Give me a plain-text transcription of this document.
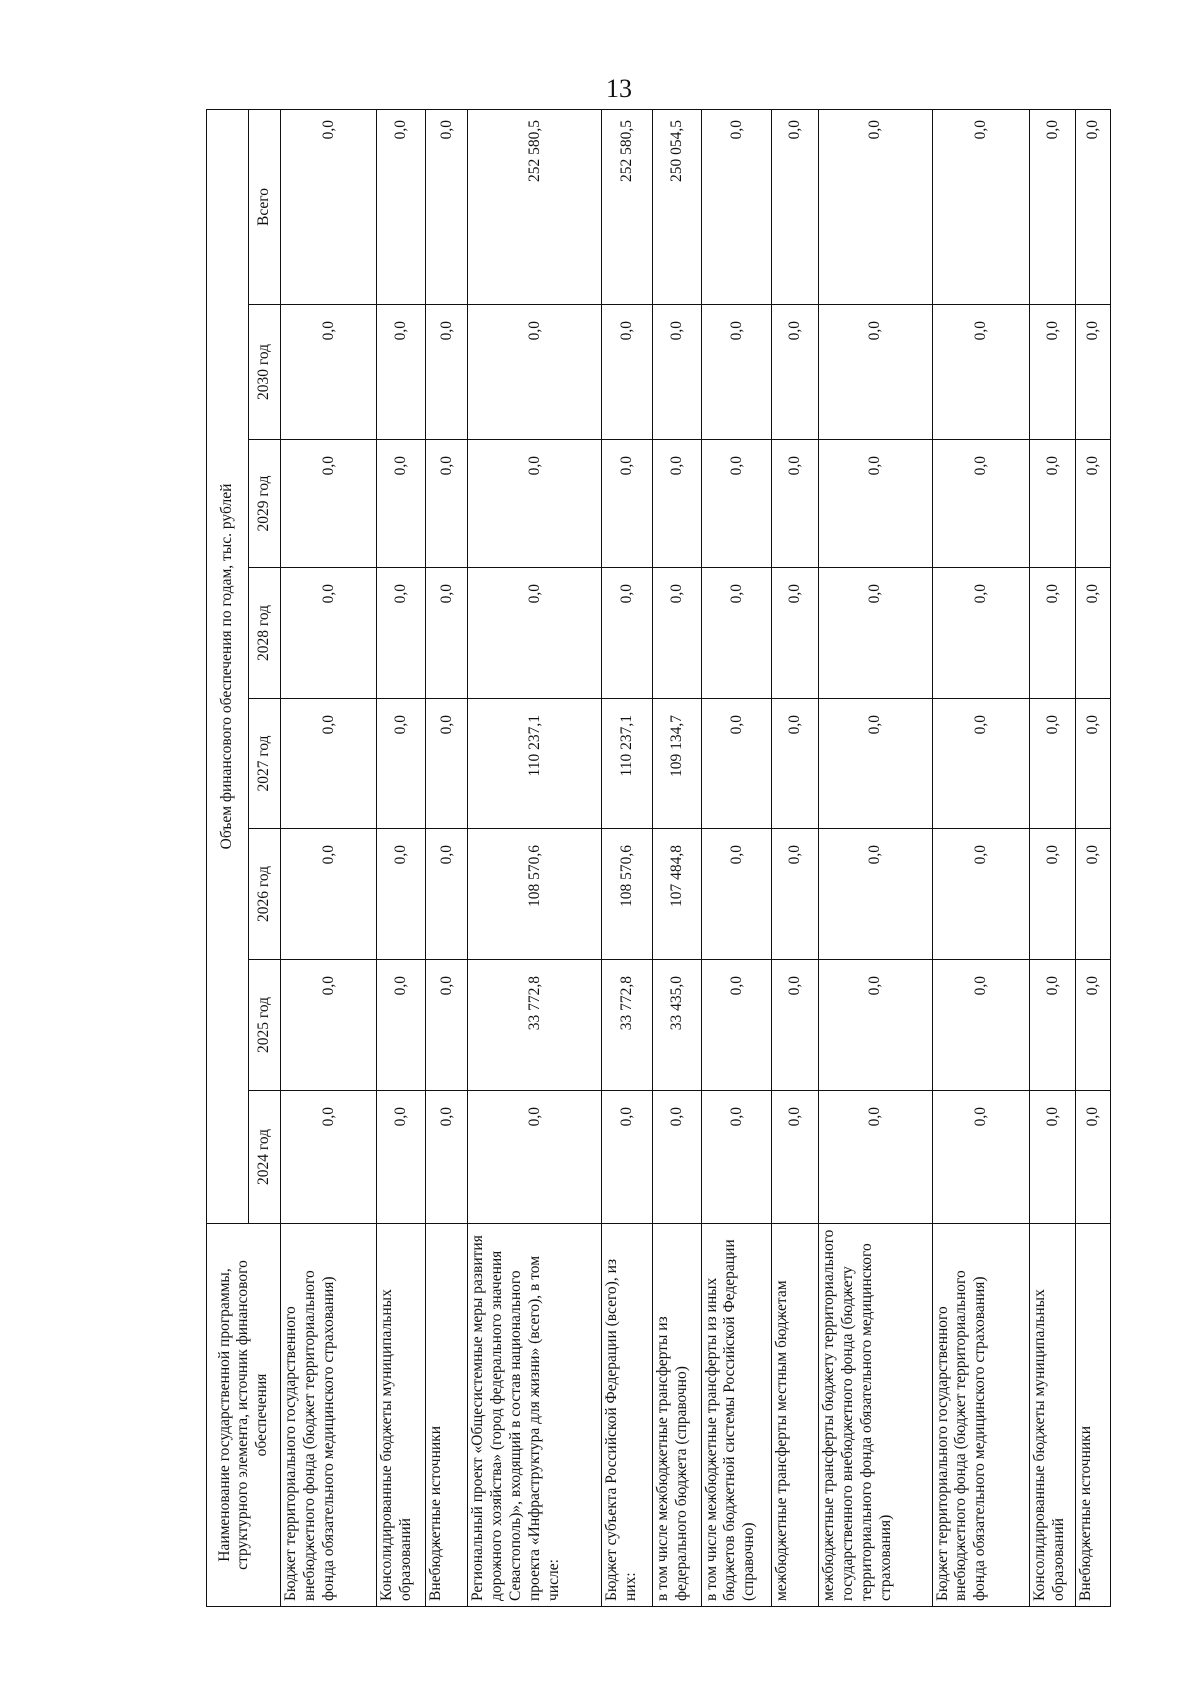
13
Наименование государственной программы, структурного элемента, источник финансового обеспечения	Объем финансового обеспечения по годам, тыс. рублей							
	2024 год	2025 год	2026 год	2027 год	2028 год	2029 год	2030 год	Всего
Бюджет территориального государственного внебюджетного фонда (бюджет территориального фонда обязательного медицинского страхования)	0,0	0,0	0,0	0,0	0,0	0,0	0,0	0,0
Консолидированные бюджеты муниципальных образований	0,0	0,0	0,0	0,0	0,0	0,0	0,0	0,0
Внебюджетные источники	0,0	0,0	0,0	0,0	0,0	0,0	0,0	0,0
Региональный проект «Общесистемные меры развития дорожного хозяйства» (город федерального значения Севастополь)», входящий в состав национального проекта «Инфраструктура для жизни» (всего), в том числе:	0,0	33 772,8	108 570,6	110 237,1	0,0	0,0	0,0	252 580,5
Бюджет субъекта Российской Федерации (всего), из них:	0,0	33 772,8	108 570,6	110 237,1	0,0	0,0	0,0	252 580,5
в том числе межбюджетные трансферты из федерального бюджета (справочно)	0,0	33 435,0	107 484,8	109 134,7	0,0	0,0	0,0	250 054,5
в том числе межбюджетные трансферты из иных бюджетов бюджетной системы Российской Федерации (справочно)	0,0	0,0	0,0	0,0	0,0	0,0	0,0	0,0
межбюджетные трансферты местным бюджетам	0,0	0,0	0,0	0,0	0,0	0,0	0,0	0,0
межбюджетные трансферты бюджету территориального государственного внебюджетного фонда (бюджету территориального фонда обязательного медицинского страхования)	0,0	0,0	0,0	0,0	0,0	0,0	0,0	0,0
Бюджет территориального государственного внебюджетного фонда (бюджет территориального фонда обязательного медицинского страхования)	0,0	0,0	0,0	0,0	0,0	0,0	0,0	0,0
Консолидированные бюджеты муниципальных образований	0,0	0,0	0,0	0,0	0,0	0,0	0,0	0,0
Внебюджетные источники	0,0	0,0	0,0	0,0	0,0	0,0	0,0	0,0
